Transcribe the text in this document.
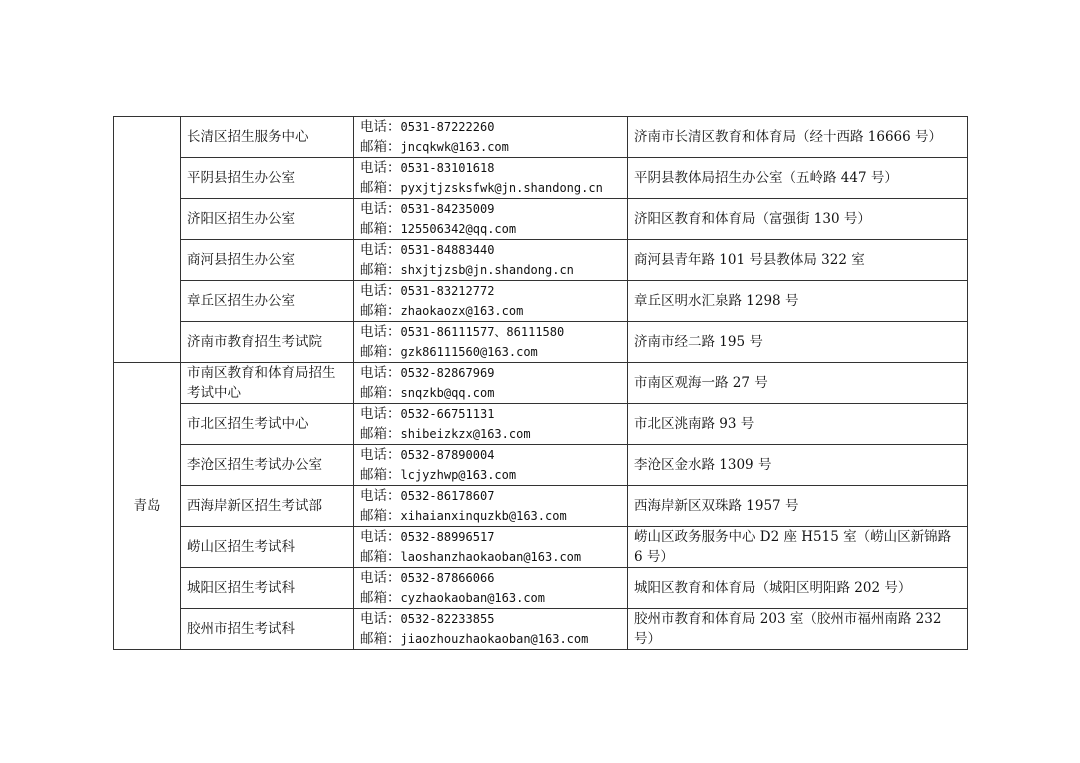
	长清区招生服务中心	电话：0531-87222260
邮箱：jncqkwk@163.com	济南市长清区教育和体育局（经十西路 16666 号）
	平阴县招生办公室	电话：0531-83101618
邮箱：pyxjtjzsksfwk@jn.shandong.cn	平阴县教体局招生办公室（五岭路 447 号）
	济阳区招生办公室	电话：0531-84235009
邮箱：125506342@qq.com	济阳区教育和体育局（富强街 130 号）
	商河县招生办公室	电话：0531-84883440
邮箱：shxjtjzsb@jn.shandong.cn	商河县青年路 101 号县教体局 322 室
	章丘区招生办公室	电话：0531-83212772
邮箱：zhaokaozx@163.com	章丘区明水汇泉路 1298 号
	济南市教育招生考试院	电话：0531-86111577、86111580
邮箱：gzk86111560@163.com	济南市经二路 195 号
青岛	市南区教育和体育局招生考试中心	电话：0532-82867969
邮箱：snqzkb@qq.com	市南区观海一路 27 号
	市北区招生考试中心	电话：0532-66751131
邮箱：shibeizkzx@163.com	市北区洮南路 93 号
	李沧区招生考试办公室	电话：0532-87890004
邮箱：lcjyzhwp@163.com	李沧区金水路 1309 号
	西海岸新区招生考试部	电话：0532-86178607
邮箱：xihaianxinquzkb@163.com	西海岸新区双珠路 1957 号
	崂山区招生考试科	电话：0532-88996517
邮箱：laoshanzhaokaoban@163.com	崂山区政务服务中心 D2 座 H515 室（崂山区新锦路 6 号）
	城阳区招生考试科	电话：0532-87866066
邮箱：cyzhaokaoban@163.com	城阳区教育和体育局（城阳区明阳路 202 号）
	胶州市招生考试科	电话：0532-82233855
邮箱：jiaozhouzhaokaoban@163.com	胶州市教育和体育局 203 室（胶州市福州南路 232 号）
